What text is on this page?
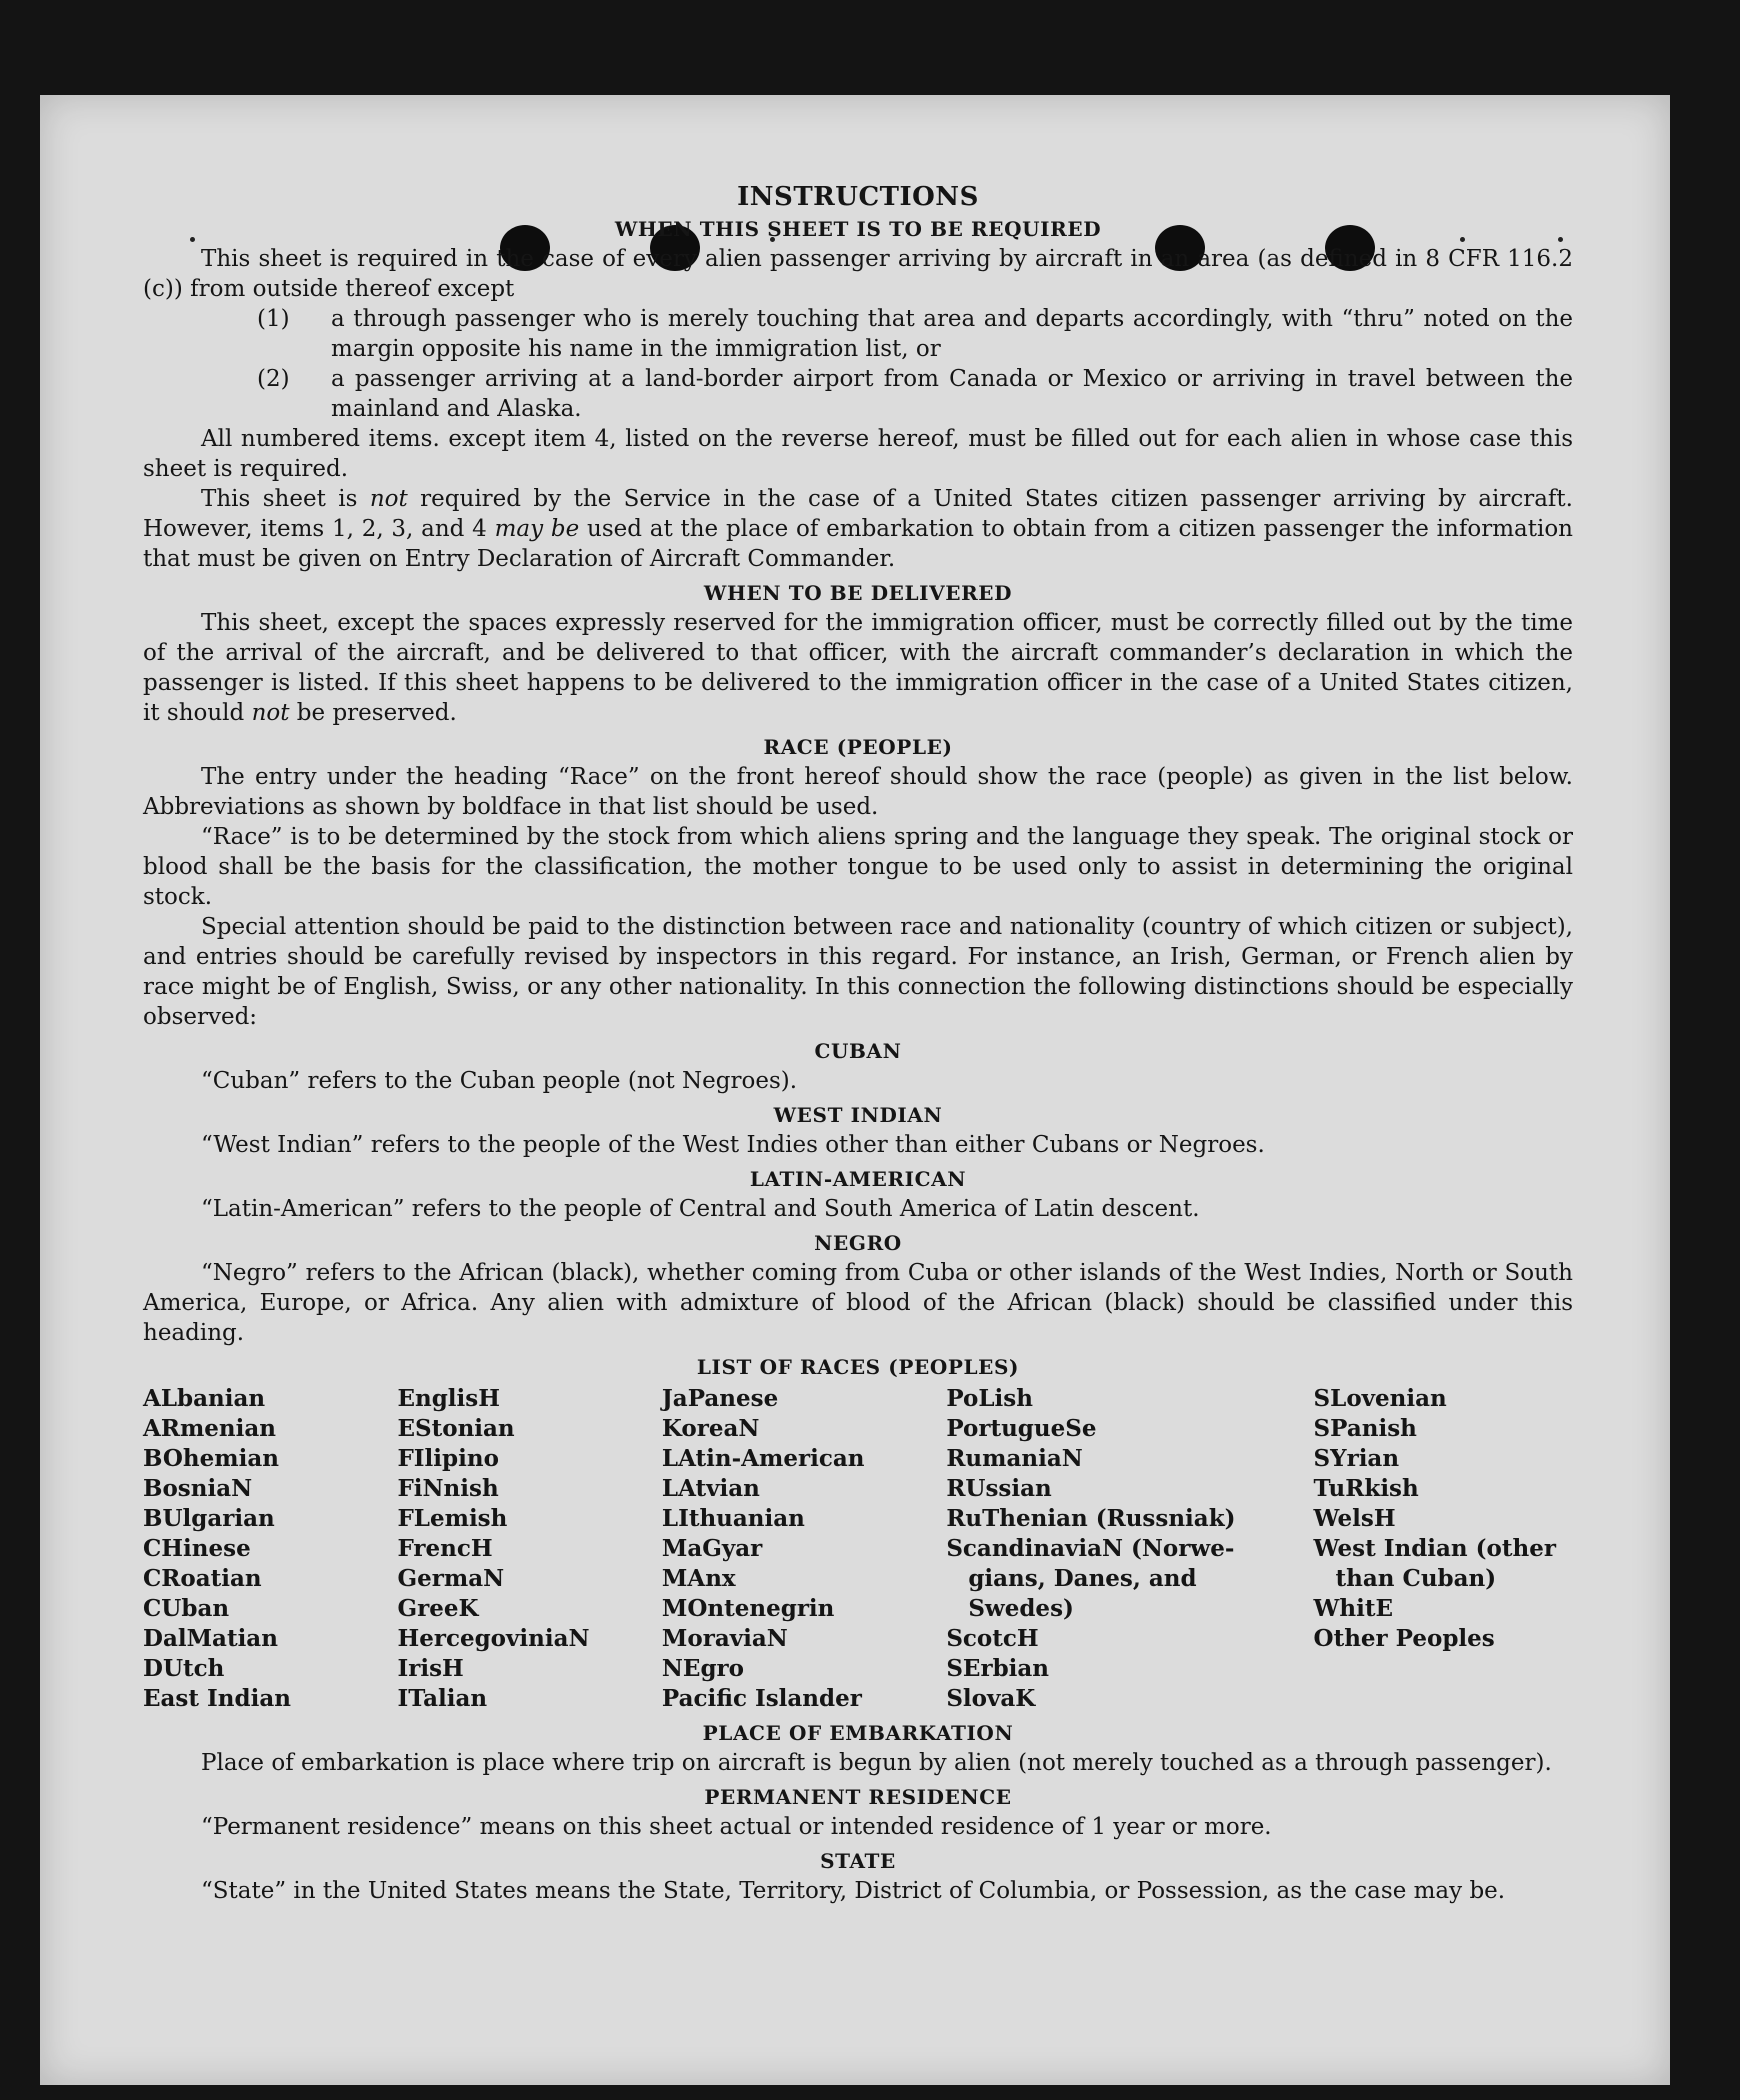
INSTRUCTIONS
WHEN THIS SHEET IS TO BE REQUIRED

This sheet is required in the case of every alien passenger arriving by aircraft in an area (as defined in 8 CFR 116.2 (c)) from outside thereof except

(1)	a through passenger who is merely touching that area and departs accordingly, with “thru” noted on the margin opposite his name in the immigration list, or
(2)	a passenger arriving at a land-border airport from Canada or Mexico or arriving in travel between the mainland and Alaska.

All numbered items. except item 4, listed on the reverse hereof, must be filled out for each alien in whose case this sheet is required.

This sheet is not required by the Service in the case of a United States citizen passenger arriving by aircraft. However, items 1, 2, 3, and 4 may be used at the place of embarkation to obtain from a citizen passenger the information that must be given on Entry Declaration of Aircraft Commander.

WHEN TO BE DELIVERED

This sheet, except the spaces expressly reserved for the immigration officer, must be correctly filled out by the time of the arrival of the aircraft, and be delivered to that officer, with the aircraft commander’s declaration in which the passenger is listed. If this sheet happens to be delivered to the immigration officer in the case of a United States citizen, it should not be preserved.

RACE (PEOPLE)

The entry under the heading “Race” on the front hereof should show the race (people) as given in the list below. Abbreviations as shown by boldface in that list should be used.

“Race” is to be determined by the stock from which aliens spring and the language they speak. The original stock or blood shall be the basis for the classification, the mother tongue to be used only to assist in determining the original stock.

Special attention should be paid to the distinction between race and nationality (country of which citizen or subject), and entries should be carefully revised by inspectors in this regard. For instance, an Irish, German, or French alien by race might be of English, Swiss, or any other nationality. In this connection the following distinctions should be especially observed:

CUBAN

“Cuban” refers to the Cuban people (not Negroes).

WEST INDIAN

“West Indian” refers to the people of the West Indies other than either Cubans or Negroes.

LATIN-AMERICAN

“Latin-American” refers to the people of Central and South America of Latin descent.

NEGRO

“Negro” refers to the African (black), whether coming from Cuba or other islands of the West Indies, North or South America, Europe, or Africa. Any alien with admixture of blood of the African (black) should be classified under this heading.

LIST OF RACES (PEOPLES)
ALbanian
ARmenian
BOhemian
BosniaN
BUlgarian
CHinese
CRoatian
CUban
DalMatian
DUtch
East Indian
EnglisH
EStonian
FIlipino
FiNnish
FLemish
FrencH
GermaN
GreeK
HercegoviniaN
IrisH
ITalian
JaPanese
KoreaN
LAtin-American
LAtvian
LIthuanian
MaGyar
MAnx
MOntenegrin
MoraviaN
NEgro
Pacific Islander
PoLish
PortugueSe
RumaniaN
RUssian
RuThenian (Russniak)
ScandinaviaN (Norwe-
gians, Danes, and
Swedes)
ScotcH
SErbian
SlovaK
SLovenian
SPanish
SYrian
TuRkish
WelsH
West Indian (other
than Cuban)
WhitE
Other Peoples
PLACE OF EMBARKATION

Place of embarkation is place where trip on aircraft is begun by alien (not merely touched as a through passenger).

PERMANENT RESIDENCE

“Permanent residence” means on this sheet actual or intended residence of 1 year or more.

STATE

“State” in the United States means the State, Territory, District of Columbia, or Possession, as the case may be.
